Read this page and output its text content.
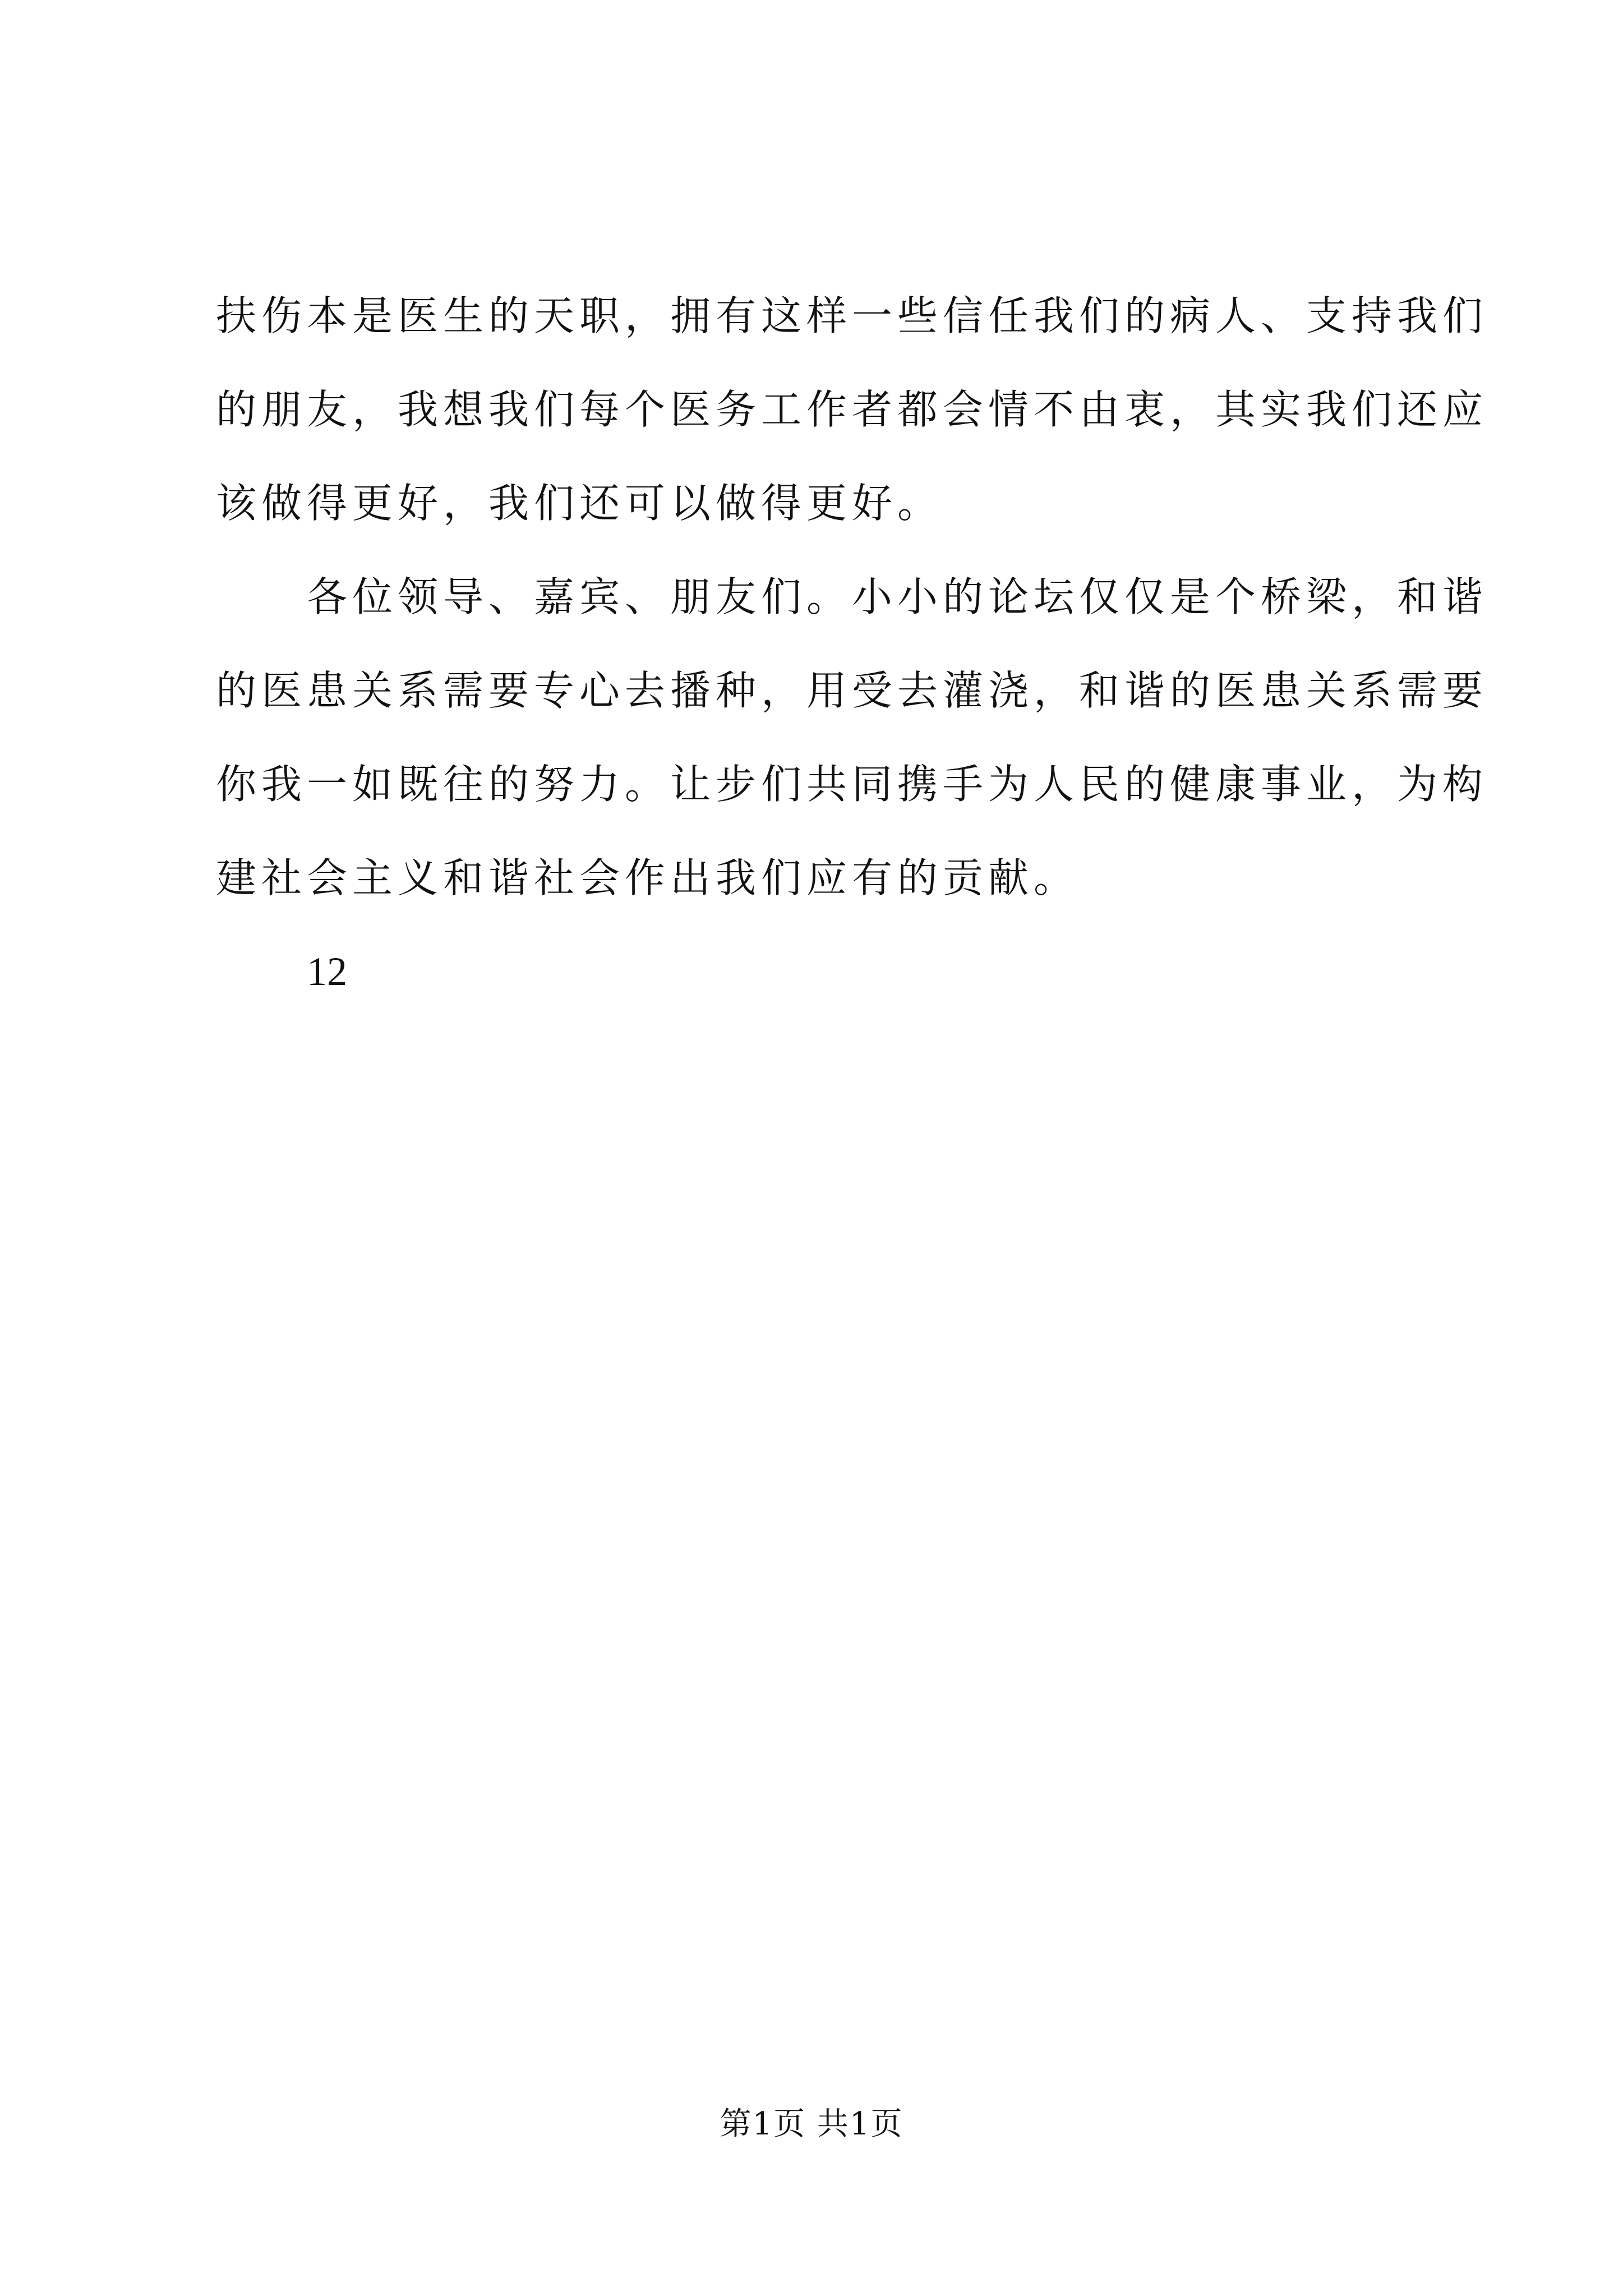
扶伤本是医生的天职，拥有这样一些信任我们的病人、支持我们
的朋友，我想我们每个医务工作者都会情不由衷，其实我们还应
该做得更好，我们还可以做得更好。
各位领导、嘉宾、朋友们。小小的论坛仅仅是个桥梁，和谐
的医患关系需要专心去播种，用受去灌浇，和谐的医患关系需要
你我一如既往的努力。让步们共同携手为人民的健康事业，为构
建社会主义和谐社会作出我们应有的贡献。
12
第1页 共1页
